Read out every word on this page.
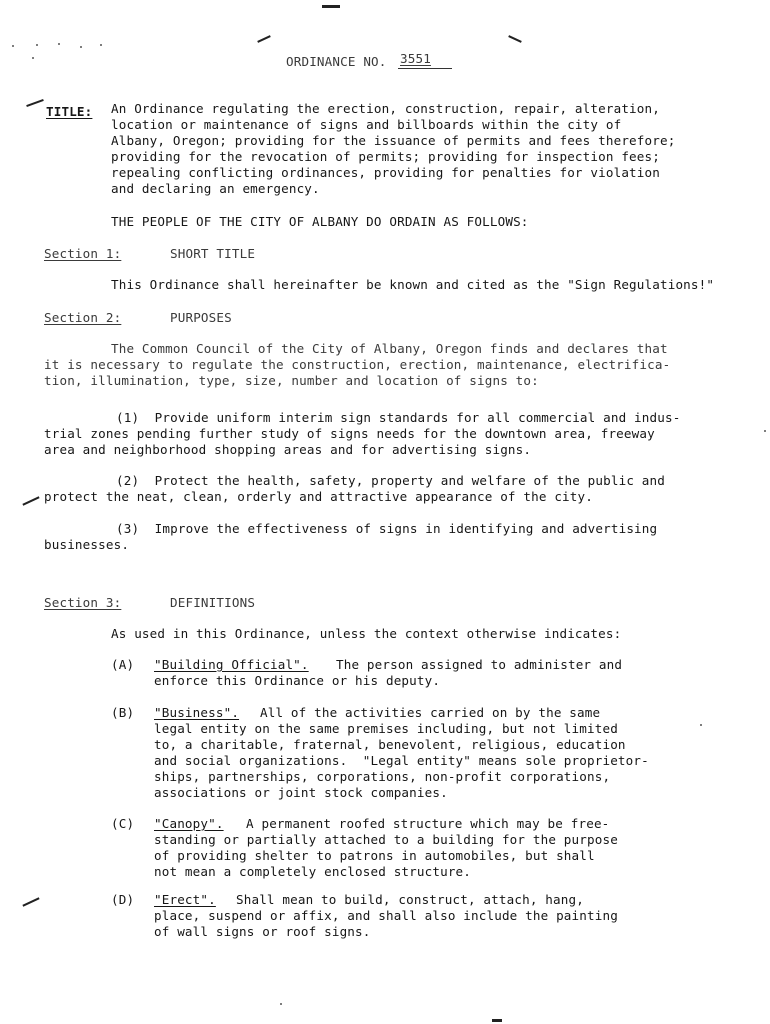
ORDINANCE NO. 3551
TITLE: An Ordinance regulating the erection, construction, repair, alteration,
location or maintenance of signs and billboards within the city of
Albany, Oregon; providing for the issuance of permits and fees therefore;
providing for the revocation of permits; providing for inspection fees;
repealing conflicting ordinances, providing for penalties for violation
and declaring an emergency.
THE PEOPLE OF THE CITY OF ALBANY DO ORDAIN AS FOLLOWS:
Section 1:	SHORT TITLE
This Ordinance shall hereinafter be known and cited as the "Sign Regulations!"
Section 2:	PURPOSES
The Common Council of the City of Albany, Oregon finds and declares that
it is necessary to regulate the construction, erection, maintenance, electrifica-
tion, illumination, type, size, number and location of signs to:
(1)  Provide uniform interim sign standards for all commercial and indus-
trial zones pending further study of signs needs for the downtown area, freeway
area and neighborhood shopping areas and for advertising signs.
(2)  Protect the health, safety, property and welfare of the public and
protect the neat, clean, orderly and attractive appearance of the city.
(3)  Improve the effectiveness of signs in identifying and advertising
businesses.
Section 3:	DEFINITIONS
As used in this Ordinance, unless the context otherwise indicates:
(A) "Building Official". The person assigned to administer and
enforce this Ordinance or his deputy.
(B) "Business". All of the activities carried on by the same
legal entity on the same premises including, but not limited
to, a charitable, fraternal, benevolent, religious, education
and social organizations.  "Legal entity" means sole proprietor-
ships, partnerships, corporations, non-profit corporations,
associations or joint stock companies.
(C) "Canopy". A permanent roofed structure which may be free-
standing or partially attached to a building for the purpose
of providing shelter to patrons in automobiles, but shall
not mean a completely enclosed structure.
(D) "Erect". Shall mean to build, construct, attach, hang,
place, suspend or affix, and shall also include the painting
of wall signs or roof signs.
